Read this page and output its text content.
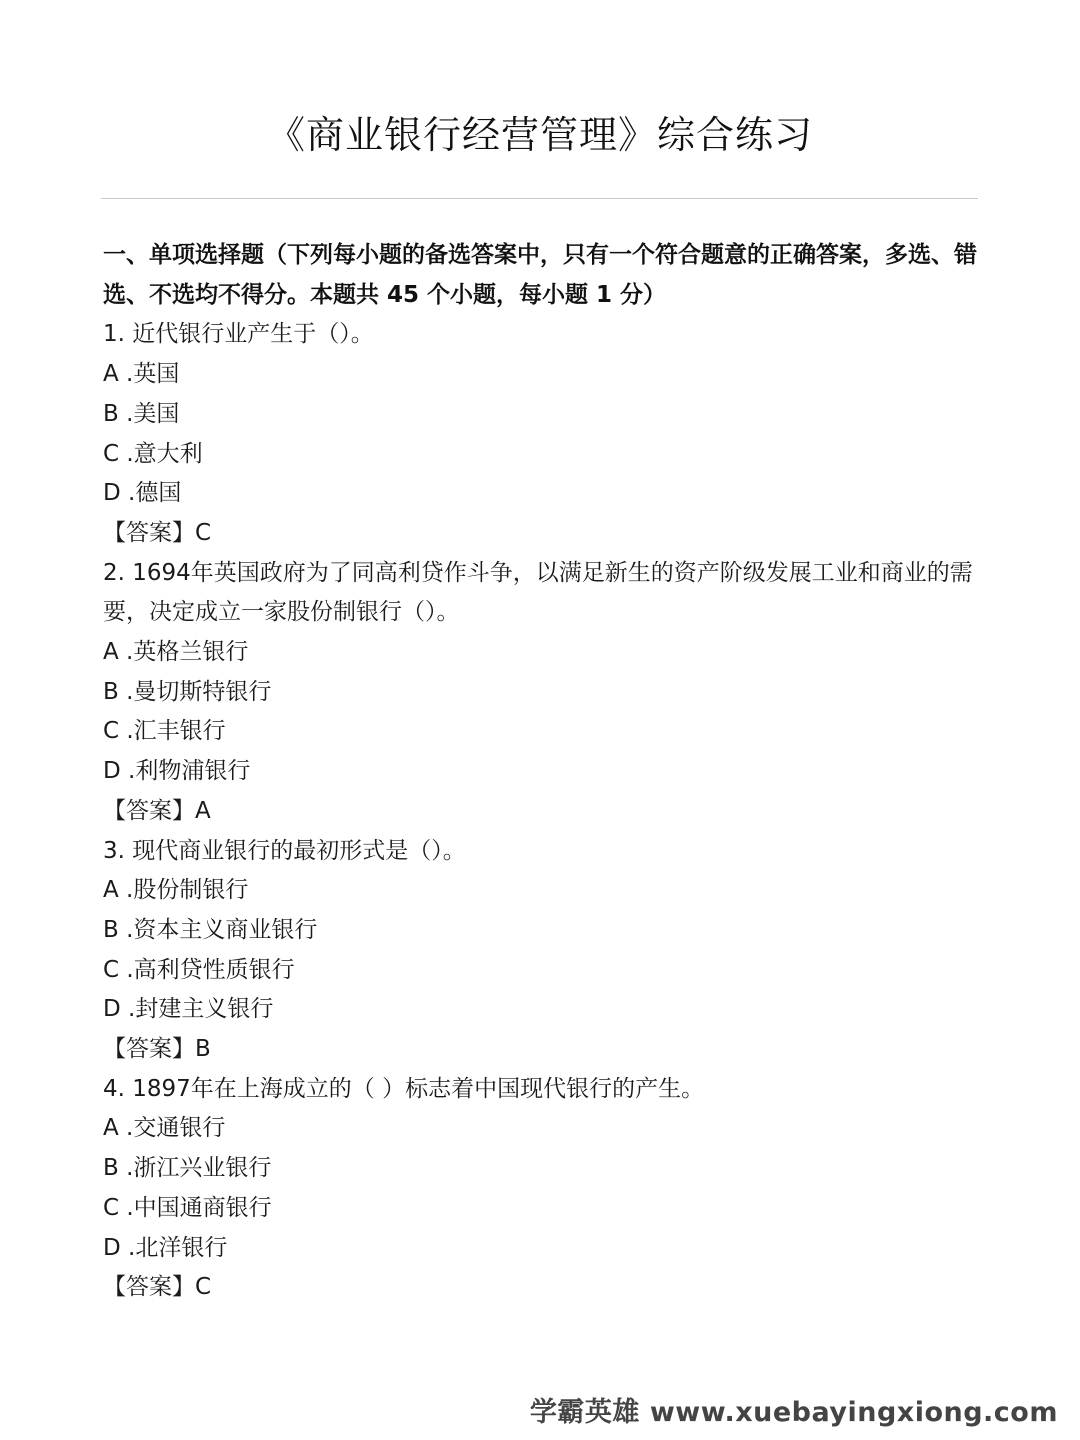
《商业银行经营管理》综合练习

一、单项选择题（下列每小题的备选答案中，只有一个符合题意的正确答案，多选、错选、不选均不得分。本题共 45 个小题，每小题 1 分）

1. 近代银行业产生于（）。

A .英国

B .美国

C .意大利

D .德国

【答案】C

2. 1694年英国政府为了同高利贷作斗争，以满足新生的资产阶级发展工业和商业的需要，决定成立一家股份制银行（）。

A .英格兰银行

B .曼切斯特银行

C .汇丰银行

D .利物浦银行

【答案】A

3. 现代商业银行的最初形式是（）。

A .股份制银行

B .资本主义商业银行

C .高利贷性质银行

D .封建主义银行

【答案】B

4. 1897年在上海成立的（ ）标志着中国现代银行的产生。

A .交通银行

B .浙江兴业银行

C .中国通商银行

D .北洋银行

【答案】C

学霸英雄 www.xuebayingxiong.com
